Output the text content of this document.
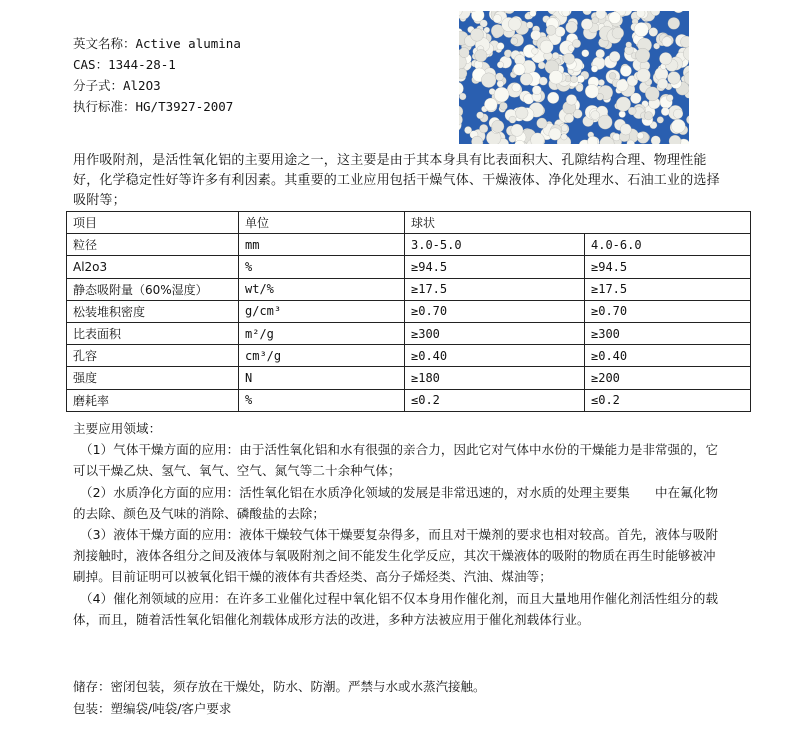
英文名称：Active alumina
CAS：1344-28-1
分子式：Al2O3
执行标准：HG/T3927-2007
用作吸附剂，是活性氧化铝的主要用途之一，这主要是由于其本身具有比表面积大、孔隙结构合理、物理性能好，化学稳定性好等许多有利因素。其重要的工业应用包括干燥气体、干燥液体、净化处理水、石油工业的选择吸附等；
项目	单位	球状	
粒径	mm	3.0-5.0	4.0-6.0
Al2o3	%	≥94.5	≥94.5
静态吸附量（60%湿度）	wt/%	≥17.5	≥17.5
松装堆积密度	g/cm³	≥0.70	≥0.70
比表面积	m²/g	≥300	≥300
孔容	cm³/g	≥0.40	≥0.40
强度	N	≥180	≥200
磨耗率	%	≤0.2	≤0.2

主要应用领域：

（1）气体干燥方面的应用：由于活性氧化铝和水有很强的亲合力，因此它对气体中水份的干燥能力是非常强的，它可以干燥乙炔、氢气、氧气、空气、氮气等二十余种气体；

（2）水质净化方面的应用：活性氧化铝在水质净化领域的发展是非常迅速的，对水质的处理主要集　　中在氟化物的去除、颜色及气味的消除、磷酸盐的去除；

（3）液体干燥方面的应用：液体干燥较气体干燥要复杂得多，而且对干燥剂的要求也相对较高。首先，液体与吸附剂接触时，液体各组分之间及液体与氧吸附剂之间不能发生化学反应，其次干燥液体的吸附的物质在再生时能够被冲刷掉。目前证明可以被氧化铝干燥的液体有共香烃类、高分子烯烃类、汽油、煤油等；

（4）催化剂领域的应用：在许多工业催化过程中氧化铝不仅本身用作催化剂，而且大量地用作催化剂活性组分的载体，而且，随着活性氧化铝催化剂载体成形方法的改进，多种方法被应用于催化剂载体行业。

储存：密闭包装，须存放在干燥处，防水、防潮。严禁与水或水蒸汽接触。

包装：塑编袋/吨袋/客户要求
